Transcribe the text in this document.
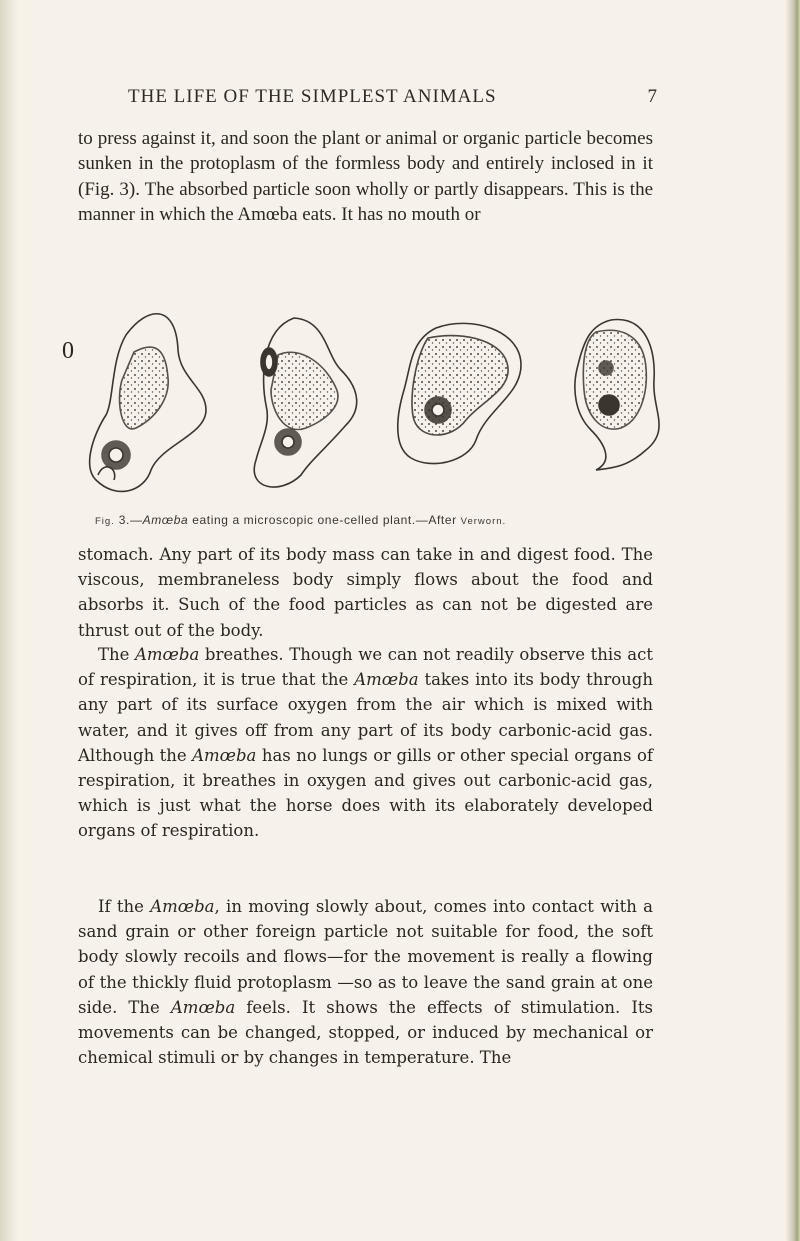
THE LIFE OF THE SIMPLEST ANIMALS	7

to press against it, and soon the plant or animal or organic particle becomes sunken in the protoplasm of the formless body and entirely inclosed in it (Fig. 3). The absorbed particle soon wholly or partly disappears. This is the manner in which the Amœba eats. It has no mouth or

0
Fig. 3.—Amœba eating a microscopic one-celled plant.—After Verworn.

stomach. Any part of its body mass can take in and digest food. The viscous, membraneless body simply flows about the food and absorbs it. Such of the food particles as can not be digested are thrust out of the body.

The Amœba breathes. Though we can not readily observe this act of respiration, it is true that the Amœba takes into its body through any part of its surface oxygen from the air which is mixed with water, and it gives off from any part of its body carbonic-acid gas. Although the Amœba has no lungs or gills or other special organs of respiration, it breathes in oxygen and gives out carbonic-acid gas, which is just what the horse does with its elaborately developed organs of respiration.

If the Amœba, in moving slowly about, comes into contact with a sand grain or other foreign particle not suitable for food, the soft body slowly recoils and flows—for the movement is really a flowing of the thickly fluid protoplasm —so as to leave the sand grain at one side. The Amœba feels. It shows the effects of stimulation. Its movements can be changed, stopped, or induced by mechanical or chemical stimuli or by changes in temperature. The
